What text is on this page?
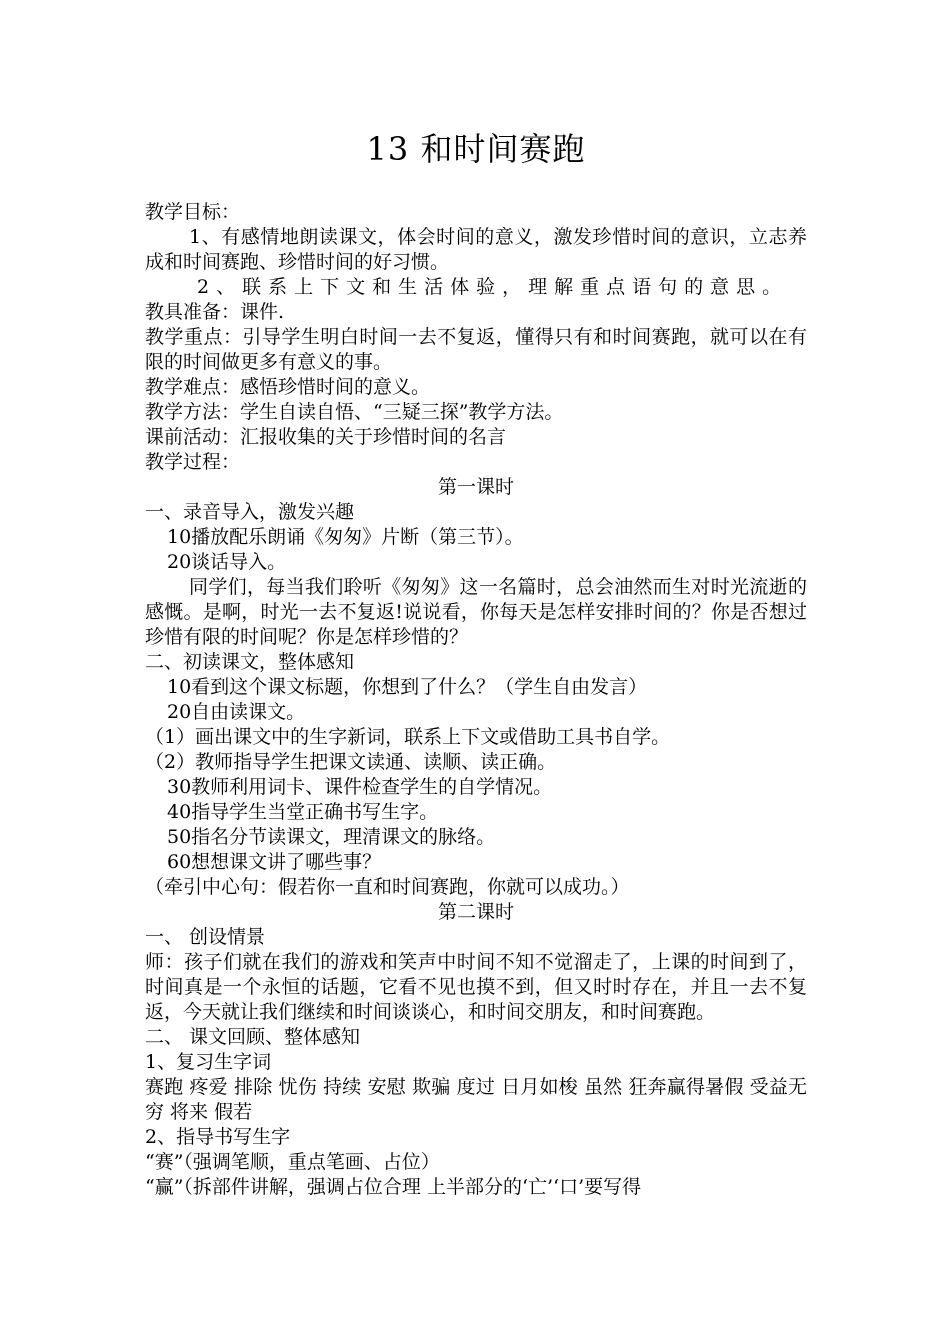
13 和时间赛跑

教学目标：

1、有感情地朗读课文，体会时间的意义，激发珍惜时间的意识，立志养成和时间赛跑、珍惜时间的好习惯。

2、联系上下文和生活体验，理解重点语句的意思。

教具准备：课件.

教学重点：引导学生明白时间一去不复返，懂得只有和时间赛跑，就可以在有限的时间做更多有意义的事。

教学难点：感悟珍惜时间的意义。

教学方法：学生自读自悟、“三疑三探”教学方法。

课前活动：汇报收集的关于珍惜时间的名言

教学过程：

第一课时

一、录音导入，激发兴趣

10播放配乐朗诵《匆匆》片断（第三节）。

20谈话导入。

同学们，每当我们聆听《匆匆》这一名篇时，总会油然而生对时光流逝的感慨。是啊，时光一去不复返!说说看，你每天是怎样安排时间的？你是否想过珍惜有限的时间呢？你是怎样珍惜的？

二、初读课文，整体感知

10看到这个课文标题，你想到了什么？（学生自由发言）

20自由读课文。

（1）画出课文中的生字新词，联系上下文或借助工具书自学。

（2）教师指导学生把课文读通、读顺、读正确。

30教师利用词卡、课件检查学生的自学情况。

40指导学生当堂正确书写生字。

50指名分节读课文，理清课文的脉络。

60想想课文讲了哪些事？

（牵引中心句：假若你一直和时间赛跑，你就可以成功。）

第二课时

一、 创设情景

师：孩子们就在我们的游戏和笑声中时间不知不觉溜走了，上课的时间到了，时间真是一个永恒的话题，它看不见也摸不到，但又时时存在，并且一去不复返，今天就让我们继续和时间谈谈心，和时间交朋友，和时间赛跑。

二、 课文回顾、整体感知

1、复习生字词

赛跑 疼爱 排除 忧伤 持续 安慰 欺骗 度过 日月如梭 虽然 狂奔赢得暑假 受益无穷 将来 假若

2、指导书写生字

“赛”（强调笔顺，重点笔画、占位）

“赢”（拆部件讲解，强调占位合理 上半部分的‘亡’‘口’要写得
